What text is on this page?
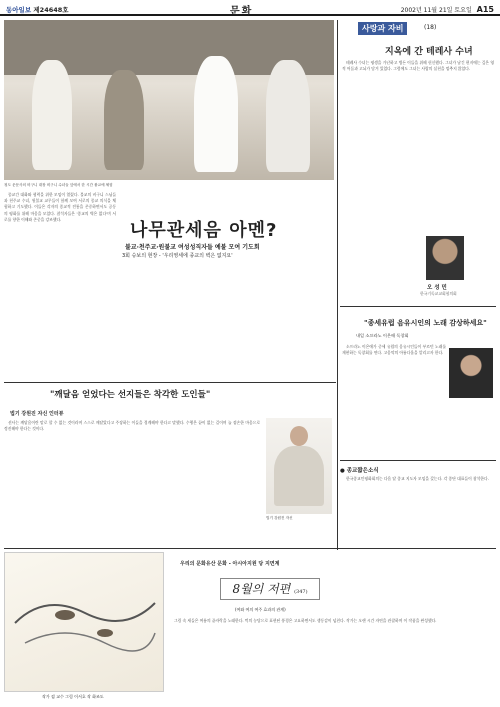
동아일보 제24648호	문화	2002년 11월 21일 토요일 A15
청도 운문사의 비구니 대장 비구니 수녀들 앞에서 한 시간 불교에 체험

종교간 대화와 협력을 위한 모임이 열렸다. 불교의 비구니 스님들과 천주교 수녀, 원불교 교무들이 함께 모여 서로의 종교 의식을 체험하고 기도했다. 이들은 각자의 종교적 전통을 존중하면서도 공동의 평화를 위해 마음을 모았다. 참석자들은 '종교의 벽은 없다'며 서로를 향한 이해와 존중을 강조했다.

나무관세음 아멘?
불교·천주교·원불교 여성성직자들 예불 모여 기도회
3회 승보의 현장 - '우리영세에 종교의 벽은 없지요'
"깨달음 얻었다는 선지들은 착각한 도인들"
법기 강원진 자신 인터뷰

선사는 깨달음이란 말로 할 수 없는 것이라며 스스로 깨달았다고 주장하는 이들을 경계해야 한다고 말했다. 수행은 끝이 없는 길이며 늘 겸손한 마음으로 정진해야 한다는 것이다.

법기 강원진 자신
사랑과 자비	(18)
지옥에 간 테레사 수녀

테레사 수녀는 평생을 가난하고 병든 이들을 위해 헌신했다. 그녀가 남긴 편지에는 깊은 영적 어둠과 고뇌가 담겨 있었다. 그럼에도 그녀는 사랑의 실천을 멈추지 않았다.

오 성 민
한국기독교교회협의회
"종세유럽 음유시인의 노래 감상하세요"
내일 소프라노 이은애 독창회

소프라노 이은애가 중세 유럽의 음유시인들이 부르던 노래를 재현하는 독창회를 연다. 고음악의 아름다움을 알리고자 한다.

● 종교짧은소식

한국종교인평화회의는 다음 달 종교 지도자 모임을 갖는다. 각 종단 대표들이 참석한다.

작가 겸 교수 그림 이서호 작 화조도
우리의 문화유산 문화 - 아시아지원 당 지면계
8월의 저편 (347)
(여와 여의 여주 효과의 관계)

그림 속 새들은 여름의 끝자락을 노래한다. 먹의 농담으로 표현된 풍경은 고요하면서도 생동감이 넘친다. 작가는 오랜 시간 자연을 관찰하며 이 작품을 완성했다.
